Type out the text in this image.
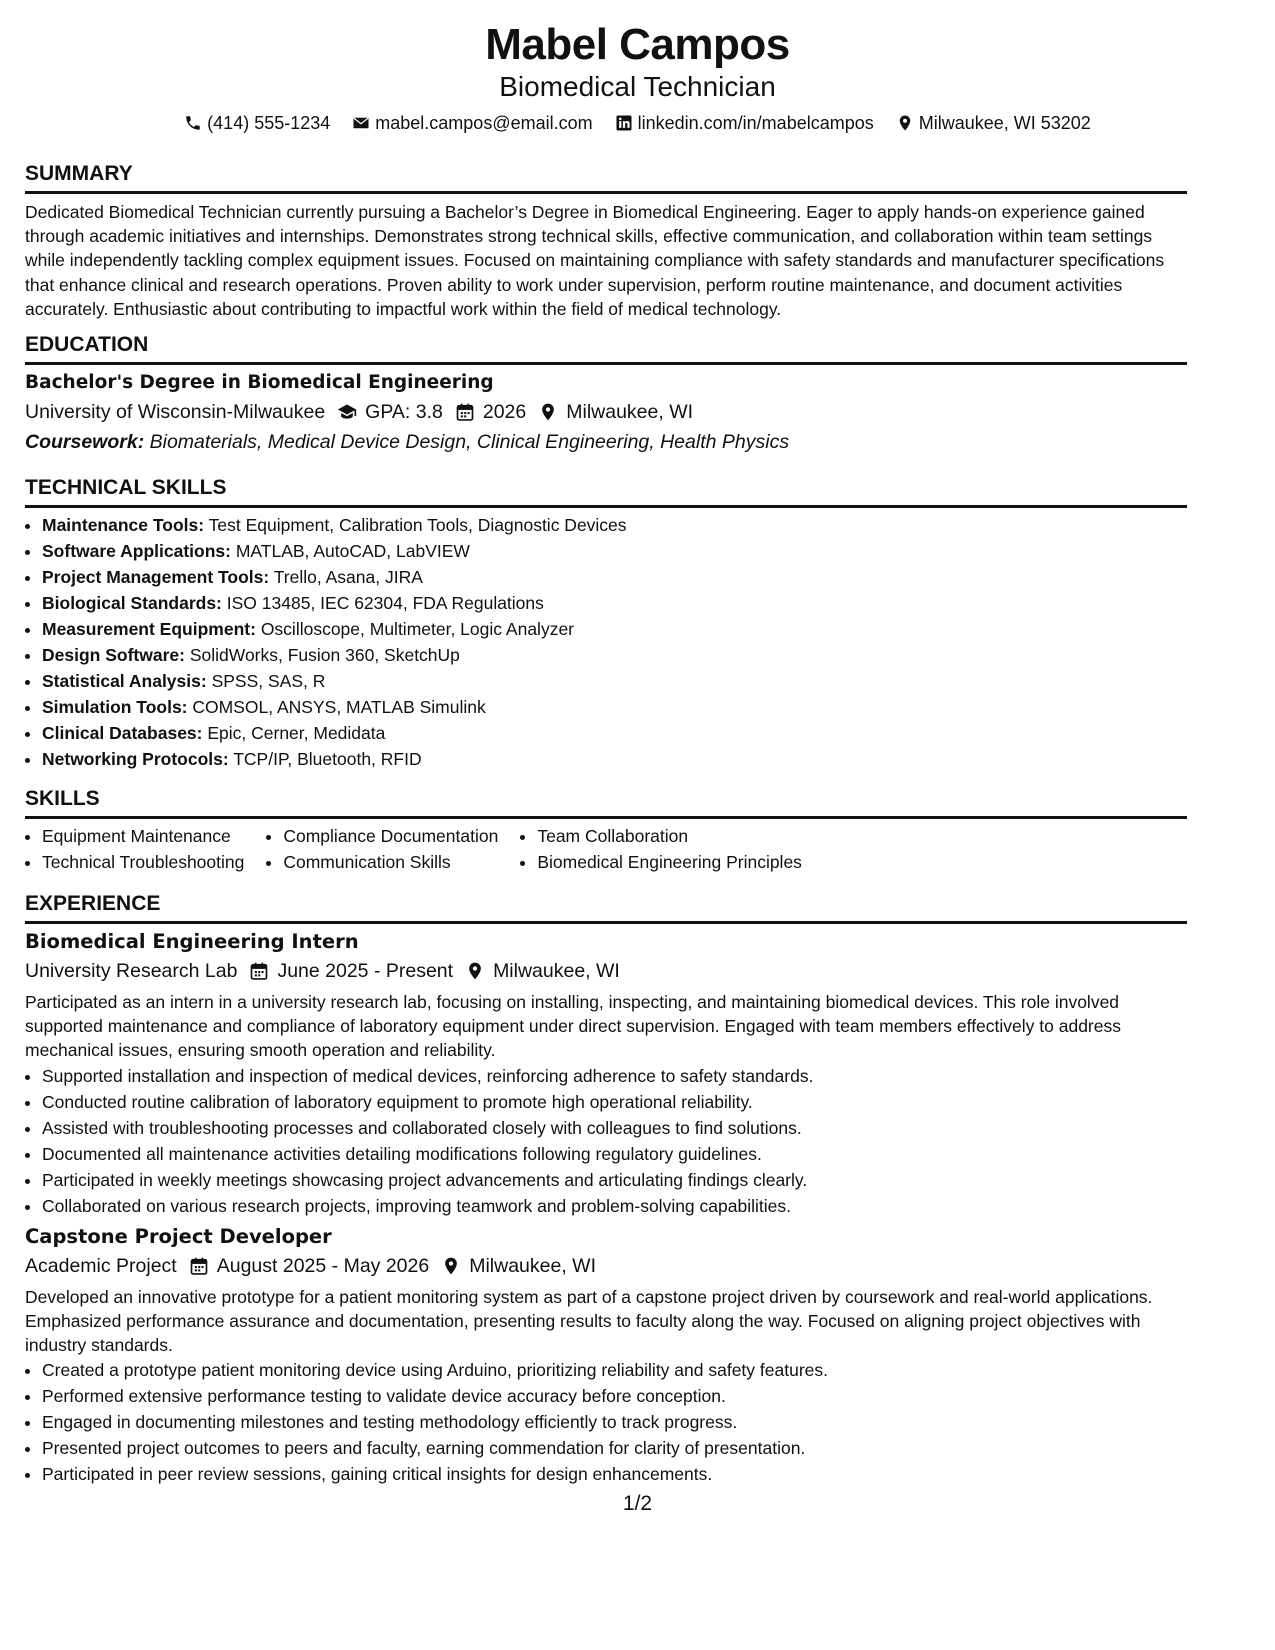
Mabel Campos
Biomedical Technician
(414) 555-1234	mabel.campos@email.com	linkedin.com/in/mabelcampos	Milwaukee, WI 53202
SUMMARY

Dedicated Biomedical Technician currently pursuing a Bachelor’s Degree in Biomedical Engineering. Eager to apply hands-on experience gained through academic initiatives and internships. Demonstrates strong technical skills, effective communication, and collaboration within team settings while independently tackling complex equipment issues. Focused on maintaining compliance with safety standards and manufacturer specifications that enhance clinical and research operations. Proven ability to work under supervision, perform routine maintenance, and document activities accurately. Enthusiastic about contributing to impactful work within the field of medical technology.

EDUCATION
Bachelor's Degree in Biomedical Engineering
University of Wisconsin-Milwaukee GPA: 3.8 2026 Milwaukee, WI
Coursework: Biomaterials, Medical Device Design, Clinical Engineering, Health Physics
TECHNICAL SKILLS
• Maintenance Tools: Test Equipment, Calibration Tools, Diagnostic Devices
• Software Applications: MATLAB, AutoCAD, LabVIEW
• Project Management Tools: Trello, Asana, JIRA
• Biological Standards: ISO 13485, IEC 62304, FDA Regulations
• Measurement Equipment: Oscilloscope, Multimeter, Logic Analyzer
• Design Software: SolidWorks, Fusion 360, SketchUp
• Statistical Analysis: SPSS, SAS, R
• Simulation Tools: COMSOL, ANSYS, MATLAB Simulink
• Clinical Databases: Epic, Cerner, Medidata
• Networking Protocols: TCP/IP, Bluetooth, RFID
SKILLS
• Equipment Maintenance
• Technical Troubleshooting
• Compliance Documentation
• Communication Skills
• Team Collaboration
• Biomedical Engineering Principles
EXPERIENCE
Biomedical Engineering Intern
University Research Lab June 2025 - Present Milwaukee, WI

Participated as an intern in a university research lab, focusing on installing, inspecting, and maintaining biomedical devices. This role involved supported maintenance and compliance of laboratory equipment under direct supervision. Engaged with team members effectively to address mechanical issues, ensuring smooth operation and reliability.

• Supported installation and inspection of medical devices, reinforcing adherence to safety standards.
• Conducted routine calibration of laboratory equipment to promote high operational reliability.
• Assisted with troubleshooting processes and collaborated closely with colleagues to find solutions.
• Documented all maintenance activities detailing modifications following regulatory guidelines.
• Participated in weekly meetings showcasing project advancements and articulating findings clearly.
• Collaborated on various research projects, improving teamwork and problem-solving capabilities.
Capstone Project Developer
Academic Project August 2025 - May 2026 Milwaukee, WI

Developed an innovative prototype for a patient monitoring system as part of a capstone project driven by coursework and real-world applications. Emphasized performance assurance and documentation, presenting results to faculty along the way. Focused on aligning project objectives with industry standards.

• Created a prototype patient monitoring device using Arduino, prioritizing reliability and safety features.
• Performed extensive performance testing to validate device accuracy before conception.
• Engaged in documenting milestones and testing methodology efficiently to track progress.
• Presented project outcomes to peers and faculty, earning commendation for clarity of presentation.
• Participated in peer review sessions, gaining critical insights for design enhancements.
1/2
